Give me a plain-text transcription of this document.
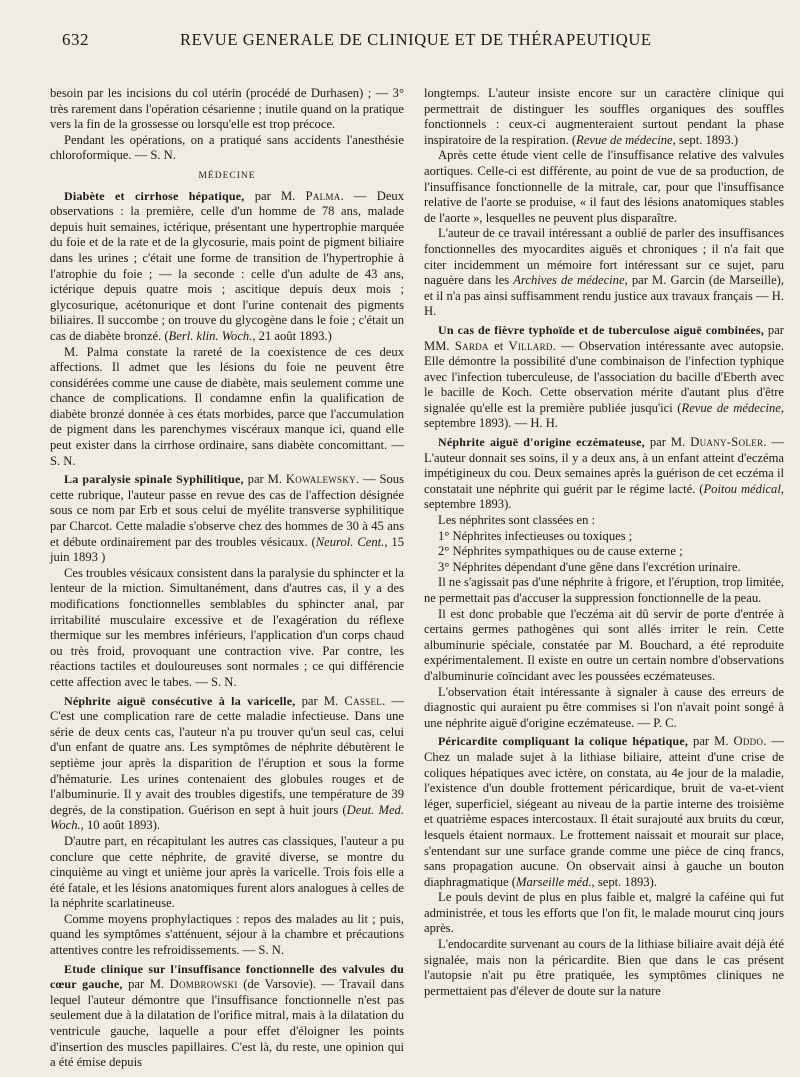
632	REVUE GENERALE DE CLINIQUE ET DE THÉRAPEUTIQUE

besoin par les incisions du col utérin (procédé de Durhasen) ; — 3° très rarement dans l'opération césarienne ; inutile quand on la pratique vers la fin de la grossesse ou lorsqu'elle est trop précoce.

Pendant les opérations, on a pratiqué sans accidents l'anesthésie chloroformique. — S. N.

MÉDECINE

Diabète et cirrhose hépatique, par M. Palma. — Deux observations : la première, celle d'un homme de 78 ans, malade depuis huit semaines, ictérique, présentant une hypertrophie marquée du foie et de la rate et de la glycosurie, mais point de pigment biliaire dans les urines ; c'était une forme de transition de l'hypertrophie à l'atrophie du foie ; — la seconde : celle d'un adulte de 43 ans, ictérique depuis quatre mois ; ascitique depuis deux mois ; glycosurique, acétonurique et dont l'urine contenait des pigments biliaires. Il succombe ; on trouve du glycogène dans le foie ; c'était un cas de diabète bronzé. (Berl. klin. Woch., 21 août 1893.)

M. Palma constate la rareté de la coexistence de ces deux affections. Il admet que les lésions du foie ne peuvent être considérées comme une cause de diabète, mais seulement comme une chance de complications. Il condamne enfin la qualification de diabète bronzé donnée à ces états morbides, parce que l'accumulation de pigment dans les parenchymes viscéraux manque ici, quand elle peut exister dans la cirrhose ordinaire, sans diabète concomittant. — S. N.

La paralysie spinale Syphilitique, par M. Kowalewsky. — Sous cette rubrique, l'auteur passe en revue des cas de l'affection désignée sous ce nom par Erb et sous celui de myélite transverse syphilitique par Charcot. Cette maladie s'observe chez des hommes de 30 à 45 ans et débute ordinairement par des troubles vésicaux. (Neurol. Cent., 15 juin 1893 )

Ces troubles vésicaux consistent dans la paralysie du sphincter et la lenteur de la miction. Simultanément, dans d'autres cas, il y a des modifications fonctionnelles semblables du sphincter anal, par irritabilité musculaire excessive et de l'exagération du réflexe thermique sur les membres inférieurs, l'application d'un corps chaud ou très froid, provoquant une contraction vive. Par contre, les réactions tactiles et douloureuses sont normales ; ce qui différencie cette affection avec le tabes. — S. N.

Néphrite aiguë consécutive à la varicelle, par M. Cassel. — C'est une complication rare de cette maladie infectieuse. Dans une série de deux cents cas, l'auteur n'a pu trouver qu'un seul cas, celui d'un enfant de quatre ans. Les symptômes de néphrite débutèrent le septième jour après la disparition de l'éruption et sous la forme d'hématurie. Les urines contenaient des globules rouges et de l'albuminurie. Il y avait des troubles digestifs, une température de 39 degrés, de la constipation. Guérison en sept à huit jours (Deut. Med. Woch., 10 août 1893).

D'autre part, en récapitulant les autres cas classiques, l'auteur a pu conclure que cette néphrite, de gravité diverse, se montre du cinquième au vingt et unième jour après la varicelle. Trois fois elle a été fatale, et les lésions anatomiques furent alors analogues à celles de la néphrite scarlatineuse.

Comme moyens prophylactiques : repos des malades au lit ; puis, quand les symptômes s'atténuent, séjour à la chambre et précautions attentives contre les refroidissements. — S. N.

Etude clinique sur l'insuffisance fonctionnelle des valvules du cœur gauche, par M. Dombrowski (de Varsovie). — Travail dans lequel l'auteur démontre que l'insuffisance fonctionnelle n'est pas seulement due à la dilatation de l'orifice mitral, mais à la dilatation du ventricule gauche, laquelle a pour effet d'éloigner les points d'insertion des muscles papillaires. C'est là, du reste, une opinion qui a été émise depuis

longtemps. L'auteur insiste encore sur un caractère clinique qui permettrait de distinguer les souffles organiques des souffles fonctionnels : ceux-ci augmenteraient surtout pendant la phase inspiratoire de la respiration. (Revue de médecine, sept. 1893.)

Après cette étude vient celle de l'insuffisance relative des valvules aortiques. Celle-ci est différente, au point de vue de sa production, de l'insuffisance fonctionnelle de la mitrale, car, pour que l'insuffisance relative de l'aorte se produise, « il faut des lésions anatomiques stables de l'aorte », lesquelles ne peuvent plus disparaître.

L'auteur de ce travail intéressant a oublié de parler des insuffisances fonctionnelles des myocardites aiguës et chroniques ; il n'a fait que citer incidemment un mémoire fort intéressant sur ce sujet, paru naguère dans les Archives de médecine, par M. Garcin (de Marseille), et il n'a pas ainsi suffisamment rendu justice aux travaux français — H. H.

Un cas de fièvre typhoïde et de tuberculose aiguë combinées, par MM. Sarda et Villard. — Observation intéressante avec autopsie. Elle démontre la possibilité d'une combinaison de l'infection typhique avec l'infection tuberculeuse, de l'association du bacille d'Eberth avec le bacille de Koch. Cette observation mérite d'autant plus d'être signalée qu'elle est la première publiée jusqu'ici (Revue de médecine, septembre 1893). — H. H.

Néphrite aiguë d'origine eczémateuse, par M. Duany-Soler. — L'auteur donnait ses soins, il y a deux ans, à un enfant atteint d'eczéma impétigineux du cou. Deux semaines après la guérison de cet eczéma il constatait une néphrite qui guérit par le régime lacté. (Poitou médical, septembre 1893).

Les néphrites sont classées en :

1° Néphrites infectieuses ou toxiques ;

2° Néphrites sympathiques ou de cause externe ;

3° Néphrites dépendant d'une gêne dans l'excrétion urinaire.

Il ne s'agissait pas d'une néphrite à frigore, et l'éruption, trop limitée, ne permettait pas d'accuser la suppression fonctionnelle de la peau.

Il est donc probable que l'eczéma ait dû servir de porte d'entrée à certains germes pathogènes qui sont allés irriter le rein. Cette albuminurie spéciale, constatée par M. Bouchard, a été reproduite expérimentalement. Il existe en outre un certain nombre d'observations d'albuminurie coïncidant avec les poussées eczémateuses.

L'observation était intéressante à signaler à cause des erreurs de diagnostic qui auraient pu être commises si l'on n'avait point songé à une néphrite aiguë d'origine eczémateuse. — P. C.

Péricardite compliquant la colique hépatique, par M. Oddo. — Chez un malade sujet à la lithiase biliaire, atteint d'une crise de coliques hépatiques avec ictère, on constata, au 4e jour de la maladie, l'existence d'un double frottement péricardique, bruit de va-et-vient léger, superficiel, siégeant au niveau de la partie interne des troisième et quatrième espaces intercostaux. Il était surajouté aux bruits du cœur, lesquels étaient normaux. Le frottement naissait et mourait sur place, s'entendant sur une surface grande comme une pièce de cinq francs, sans propagation aucune. On observait ainsi à gauche un bouton diaphragmatique (Marseille méd., sept. 1893).

Le pouls devint de plus en plus faible et, malgré la caféine qui fut administrée, et tous les efforts que l'on fit, le malade mourut cinq jours après.

L'endocardite survenant au cours de la lithiase biliaire avait déjà été signalée, mais non la péricardite. Bien que dans le cas présent l'autopsie n'ait pu être pratiquée, les symptômes cliniques ne permettaient pas d'élever de doute sur la nature
